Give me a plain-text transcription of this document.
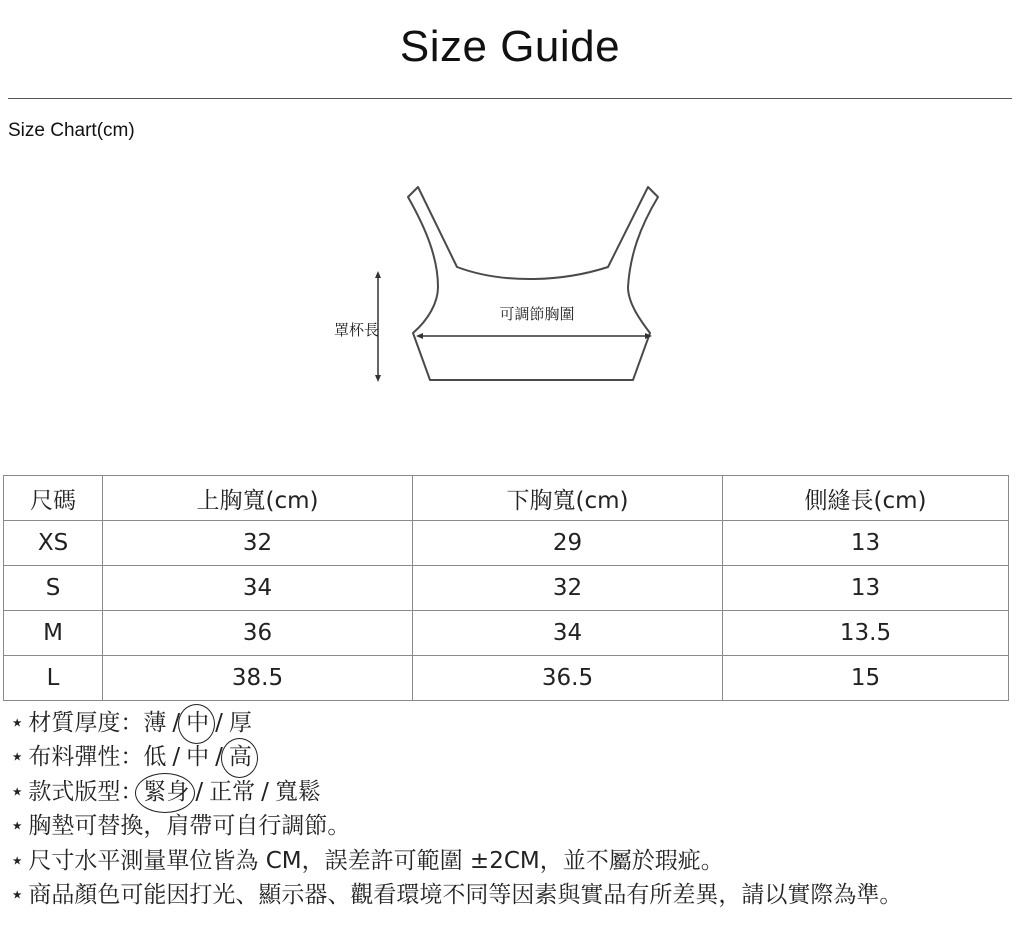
Size Guide
Size Chart(cm)
罩杯長
可調節胸圍
尺碼	上胸寬(cm)	下胸寬(cm)	側縫長(cm)
XS	32	29	13
S	34	32	13
M	36	34	13.5
L	38.5	36.5	15
⋆ 材質厚度：薄 / 中 / 厚
⋆ 布料彈性：低 / 中 / 高
⋆ 款式版型：緊身 / 正常 / 寬鬆
⋆ 胸墊可替換，肩帶可自行調節。
⋆ 尺寸水平測量單位皆為 CM，誤差許可範圍 ±2CM，並不屬於瑕疵。
⋆ 商品顏色可能因打光、顯示器、觀看環境不同等因素與實品有所差異，請以實際為準。
